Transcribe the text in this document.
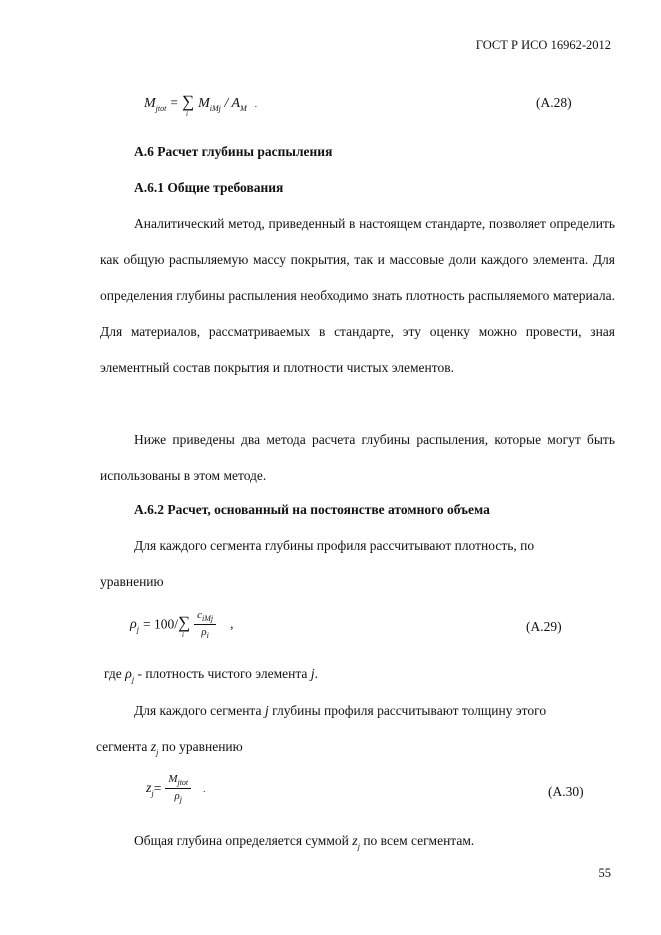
ГОСТ Р ИСО 16962-2012
$M_{jtot}$ = ∑
i
$M_{iMj} / A_M$ .	(A.28)
A.6 Расчет глубины распыления
A.6.1 Общие требования
Аналитический метод, приведенный в настоящем стандарте, позволяет определить как общую распыляемую массу покрытия, так и массовые доли каждого элемента. Для определения глубины распыления необходимо знать плотность распыляемого материала. Для материалов, рассматриваемых в стандарте, эту оценку можно провести, зная элементный состав покрытия и плотности чистых элементов.
Ниже приведены два метода расчета глубины распыления, которые могут быть использованы в этом методе.
A.6.2 Расчет, основанный на постоянстве атомного объема
Для каждого сегмента глубины профиля рассчитывают плотность, по
уравнению
$\rho_j = 100/\sum$
i
$\frac{c_{iMj}}{\rho_i}$ ,	(A.29)
где $\rho_j$ - плотность чистого элемента j.
Для каждого сегмента j глубины профиля рассчитывают толщину этого
сегмента $z_j$ по уравнению
$z_j= \frac{M_{jtot}}{\rho_j}$ .	(A.30)
Общая глубина определяется суммой $z_j$ по всем сегментам.
55
